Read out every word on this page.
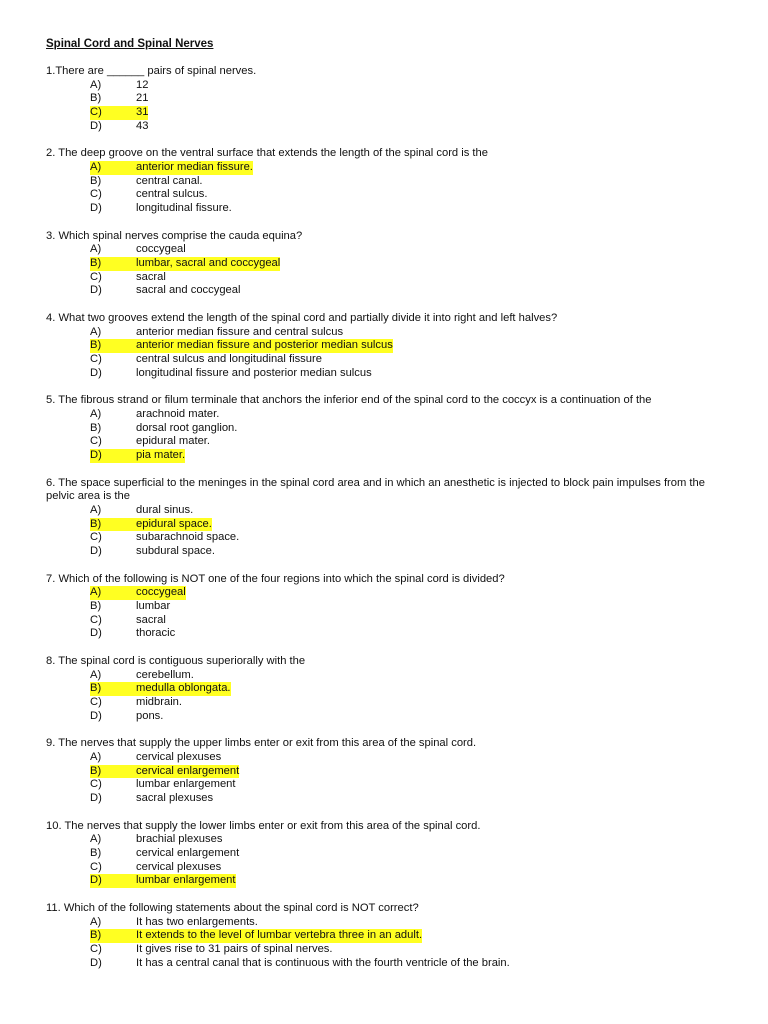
Spinal Cord and Spinal Nerves
1.There are ______ pairs of spinal nerves.
A)	12
B)	21
C)	31
D)	43
2. The deep groove on the ventral surface that extends the length of the spinal cord is the
A)	anterior median fissure.
B)	central canal.
C)	central sulcus.
D)	longitudinal fissure.
3. Which spinal nerves comprise the cauda equina?
A)	coccygeal
B)	lumbar, sacral and coccygeal
C)	sacral
D)	sacral and coccygeal
4. What two grooves extend the length of the spinal cord and partially divide it into right and left halves?
A)	anterior median fissure and central sulcus
B)	anterior median fissure and posterior median sulcus
C)	central sulcus and longitudinal fissure
D)	longitudinal fissure and posterior median sulcus
5. The fibrous strand or filum terminale that anchors the inferior end of the spinal cord to the coccyx is a continuation of the
A)	arachnoid mater.
B)	dorsal root ganglion.
C)	epidural mater.
D)	pia mater.
6. The space superficial to the meninges in the spinal cord area and in which an anesthetic is injected to block pain impulses from the pelvic area is the
A)	dural sinus.
B)	epidural space.
C)	subarachnoid space.
D)	subdural space.
7. Which of the following is NOT one of the four regions into which the spinal cord is divided?
A)	coccygeal
B)	lumbar
C)	sacral
D)	thoracic
8. The spinal cord is contiguous superiorally with the
A)	cerebellum.
B)	medulla oblongata.
C)	midbrain.
D)	pons.
9. The nerves that supply the upper limbs enter or exit from this area of the spinal cord.
A)	cervical plexuses
B)	cervical enlargement
C)	lumbar enlargement
D)	sacral plexuses
10. The nerves that supply the lower limbs enter or exit from this area of the spinal cord.
A)	brachial plexuses
B)	cervical enlargement
C)	cervical plexuses
D)	lumbar enlargement
11. Which of the following statements about the spinal cord is NOT correct?
A)	It has two enlargements.
B)	It extends to the level of lumbar vertebra three in an adult.
C)	It gives rise to 31 pairs of spinal nerves.
D)	It has a central canal that is continuous with the fourth ventricle of the brain.
